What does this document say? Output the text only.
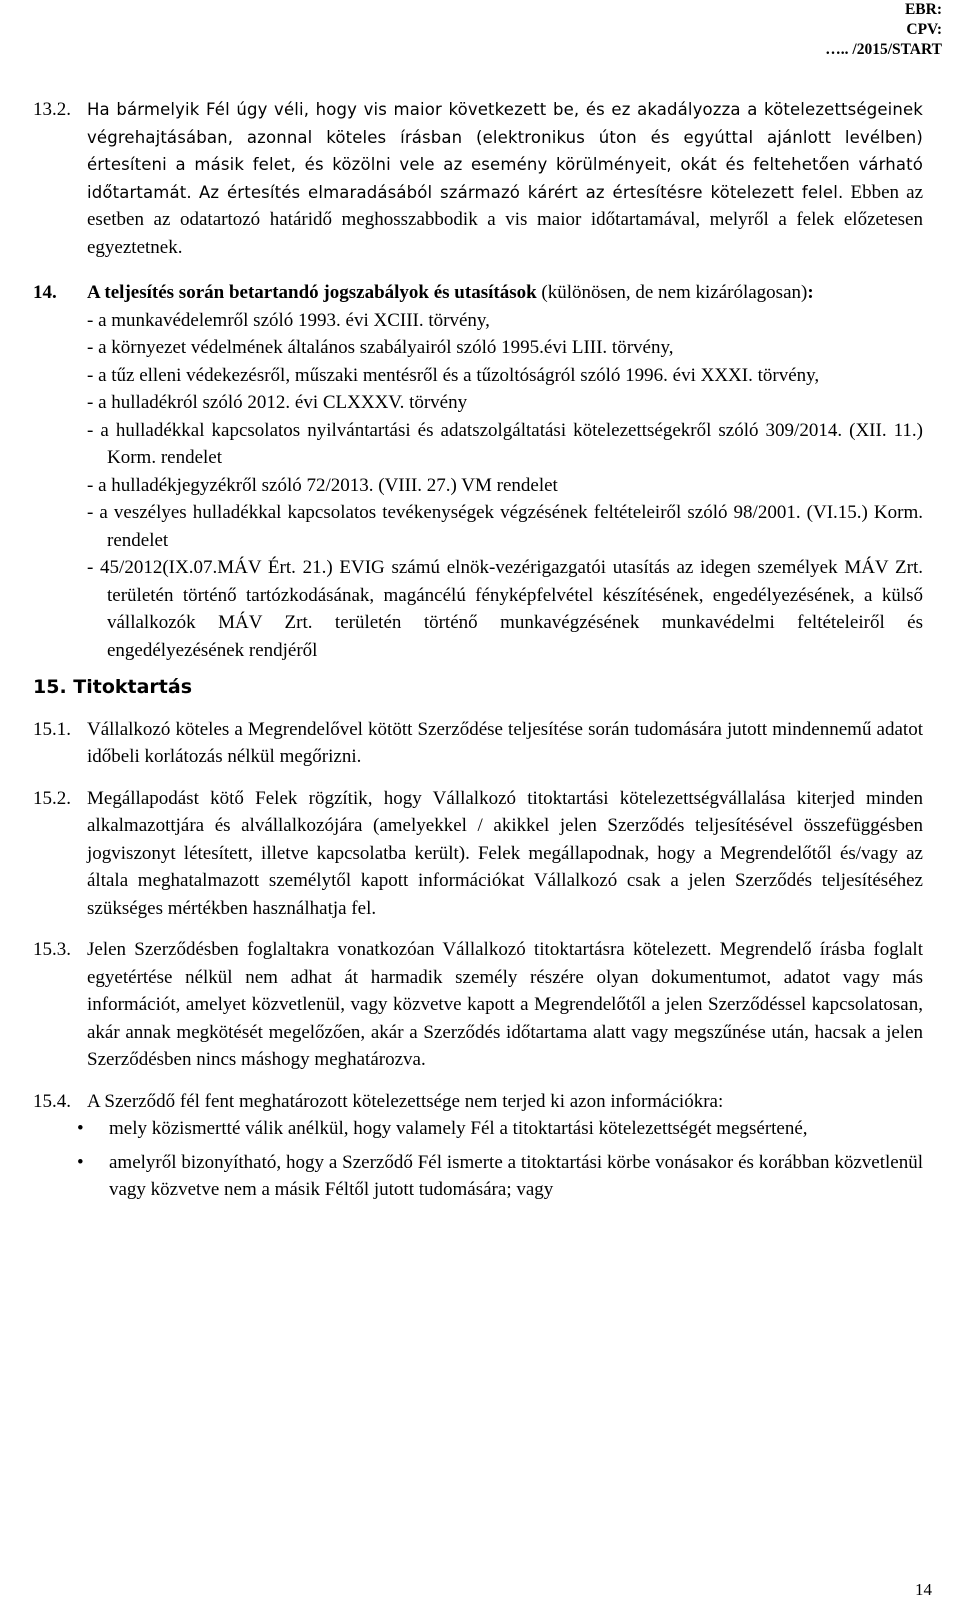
EBR:
CPV:
….. /2015/START
13.2. Ha bármelyik Fél úgy véli, hogy vis maior következett be, és ez akadályozza a kötelezettségeinek végrehajtásában, azonnal köteles írásban (elektronikus úton és egyúttal ajánlott levélben) értesíteni a másik felet, és közölni vele az esemény körülményeit, okát és feltehetően várható időtartamát. Az értesítés elmaradásából származó kárért az értesítésre kötelezett felel. Ebben az esetben az odatartozó határidő meghosszabbodik a vis maior időtartamával, melyről a felek előzetesen egyeztetnek.
14.	A teljesítés során betartandó jogszabályok és utasítások (különösen, de nem kizárólagosan):
- a munkavédelemről szóló 1993. évi XCIII. törvény,
- a környezet védelmének általános szabályairól szóló 1995.évi LIII. törvény,
- a tűz elleni védekezésről, műszaki mentésről és a tűzoltóságról szóló 1996. évi XXXI. törvény,
- a hulladékról szóló 2012. évi CLXXXV. törvény
- a hulladékkal kapcsolatos nyilvántartási és adatszolgáltatási kötelezettségekről szóló 309/2014. (XII. 11.) Korm. rendelet
- a hulladékjegyzékről szóló 72/2013. (VIII. 27.) VM rendelet
- a veszélyes hulladékkal kapcsolatos tevékenységek végzésének feltételeiről szóló 98/2001. (VI.15.) Korm. rendelet
- 45/2012(IX.07.MÁV Ért. 21.) EVIG számú elnök-vezérigazgatói utasítás az idegen személyek MÁV Zrt. területén történő tartózkodásának, magáncélú fényképfelvétel készítésének, engedélyezésének, a külső vállalkozók MÁV Zrt. területén történő munkavégzésének munkavédelmi feltételeiről és engedélyezésének rendjéről
15. Titoktartás
15.1. Vállalkozó köteles a Megrendelővel kötött Szerződése teljesítése során tudomására jutott mindennemű adatot időbeli korlátozás nélkül megőrizni.
15.2. Megállapodást kötő Felek rögzítik, hogy Vállalkozó titoktartási kötelezettségvállalása kiterjed minden alkalmazottjára és alvállalkozójára (amelyekkel / akikkel jelen Szerződés teljesítésével összefüggésben jogviszonyt létesített, illetve kapcsolatba került). Felek megállapodnak, hogy a Megrendelőtől és/vagy az általa meghatalmazott személytől kapott információkat Vállalkozó csak a jelen Szerződés teljesítéséhez szükséges mértékben használhatja fel.
15.3. Jelen Szerződésben foglaltakra vonatkozóan Vállalkozó titoktartásra kötelezett. Megrendelő írásba foglalt egyetértése nélkül nem adhat át harmadik személy részére olyan dokumentumot, adatot vagy más információt, amelyet közvetlenül, vagy közvetve kapott a Megrendelőtől a jelen Szerződéssel kapcsolatosan, akár annak megkötését megelőzően, akár a Szerződés időtartama alatt vagy megszűnése után, hacsak a jelen Szerződésben nincs máshogy meghatározva.
15.4. A Szerződő fél fent meghatározott kötelezettsége nem terjed ki azon információkra:
• mely közismertté válik anélkül, hogy valamely Fél a titoktartási kötelezettségét megsértené,
• amelyről bizonyítható, hogy a Szerződő Fél ismerte a titoktartási körbe vonásakor és korábban közvetlenül vagy közvetve nem a másik Féltől jutott tudomására; vagy
14
